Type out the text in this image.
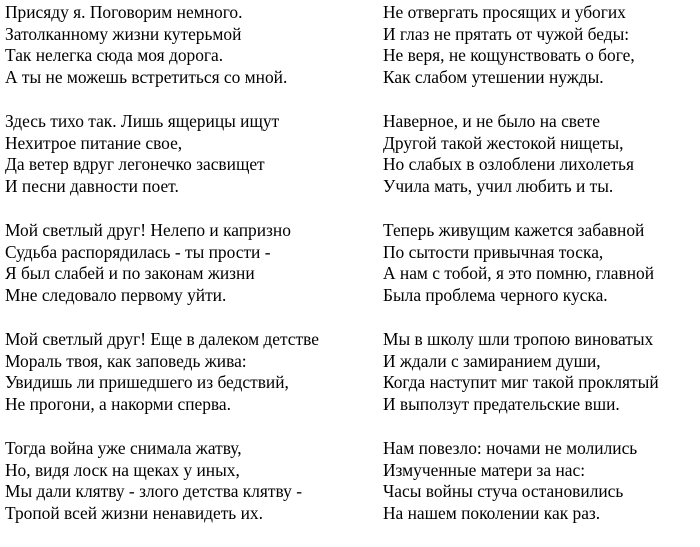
Присяду я. Поговорим немного.
Затолканному жизни кутерьмой
Так нелегка сюда моя дорога.
А ты не можешь встретиться со мной.
Здесь тихо так. Лишь ящерицы ищут
Нехитрое питание свое,
Да ветер вдруг легонечко засвищет
И песни давности поет.
Мой светлый друг! Нелепо и капризно
Судьба распорядилась - ты прости -
Я был слабей и по законам жизни
Мне следовало первому уйти.
Мой светлый друг! Еще в далеком детстве
Мораль твоя, как заповедь жива:
Увидишь ли пришедшего из бедствий,
Не прогони, а накорми сперва.
Тогда война уже снимала жатву,
Но, видя лоск на щеках у иных,
Мы дали клятву - злого детства клятву -
Тропой всей жизни ненавидеть их.
Не отвергать просящих и убогих
И глаз не прятать от чужой беды:
Не веря, не кощунствовать о боге,
Как слабом утешении нужды.
Наверное, и не было на свете
Другой такой жестокой нищеты,
Но слабых в озлоблени лихолетья
Учила мать, учил любить и ты.
Теперь живущим кажется забавной
По сытости привычная тоска,
А нам с тобой, я это помню, главной
Была проблема черного куска.
Мы в школу шли тропою виноватых
И ждали с замиранием души,
Когда наступит миг такой проклятый
И выползут предательские вши.
Нам повезло: ночами не молились
Измученные матери за нас:
Часы войны стуча остановились
На нашем поколении как раз.
